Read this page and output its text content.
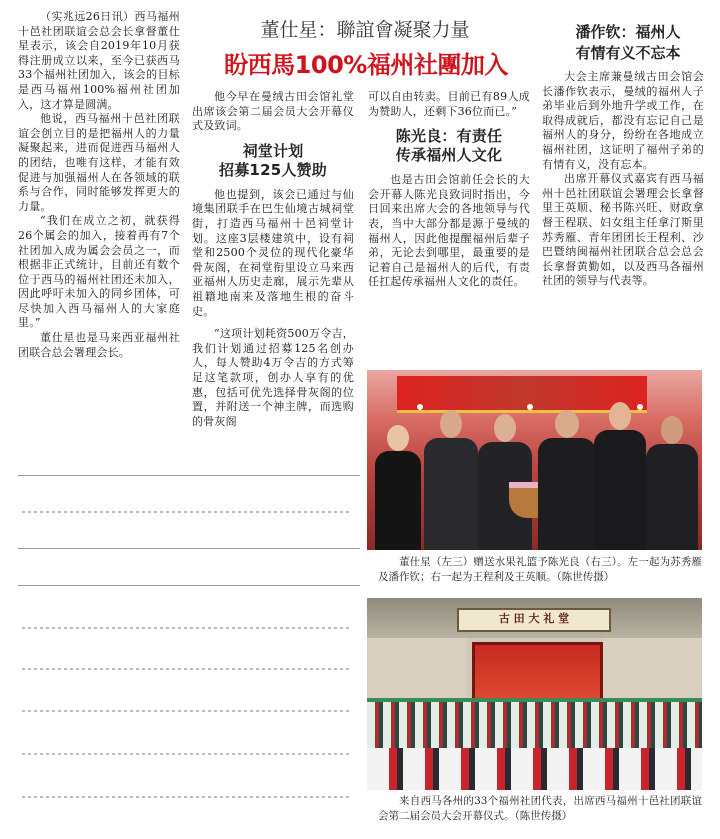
（实兆远26日讯）西马福州十邑社团联谊会总会长拿督董仕星表示，该会自2019年10月获得注册成立以来，至今已获西马33个福州社团加入，该会的目标是西马福州100%福州社团加入，这才算是圆满。

他说，西马福州十邑社团联谊会创立目的是把福州人的力量凝聚起来，进而促进西马福州人的团结，也唯有这样，才能有效促进与加强福州人在各领域的联系与合作，同时能够发挥更大的力量。

“我们在成立之初，就获得26个属会的加入，接着再有7个社团加入成为属会会员之一，而根据非正式统计，目前还有数个位于西马的福州社团还未加入，因此呼吁未加入的同乡团体，可尽快加入西马福州人的大家庭里。”

董仕星也是马来西亚福州社团联合总会署理会长。

董仕星：聯誼會凝聚力量
盼西馬100%福州社團加入
潘作钦：福州人
有情有义不忘本

他今早在曼绒古田会馆礼堂出席该会第二届会员大会开幕仪式及致词。

祠堂计划
招募125人赞助

他也提到，该会已通过与仙境集团联手在巴生仙境古城祠堂街，打造西马福州十邑祠堂计划。这座3层楼建筑中，设有祠堂和2500个灵位的现代化豪华骨灰阁，在祠堂衔里设立马来西亚福州人历史走廊，展示先辈从祖籍地南来及落地生根的奋斗史。

“这项计划耗资500万令吉，我们计划通过招募125名创办人，每人赞助4万令吉的方式筹足这笔款项，创办人享有的优惠，包括可优先选择骨灰阁的位置，并附送一个神主牌，而选购的骨灰阁

可以自由转卖。目前已有89人成为赞助人，还剩下36位而已。”

陈光良：有责任
传承福州人文化

也是古田会馆前任会长的大会开幕人陈光良致词时指出，今日回来出席大会的各地领导与代表，当中大部分都是源于曼绒的福州人，因此他提醒福州后辈子弟，无论去到哪里，最重要的是记着自己是福州人的后代，有责任扛起传承福州人文化的责任。

大会主席兼曼绒古田会馆会长潘作钦表示，曼绒的福州人子弟毕业后到外地升学或工作，在取得成就后，都没有忘记自己是福州人的身分，纷纷在各地成立福州社团，这证明了福州子弟的有情有义，没有忘本。

出席开幕仪式嘉宾有西马福州十邑社团联谊会署理会长拿督里王英顺、秘书陈兴旺、财政拿督王程联、妇女组主任拿汀斯里苏秀雁、青年团团长王程利、沙巴暨纳闽福州社团联合总会总会长拿督黄勤如，以及西马各福州社团的领导与代表等。

董仕星（左三）赠送水果礼篮予陈光良（右三）。左一起为苏秀雁及潘作钦；右一起为王程利及王英顺。（陈世传摄）
古 田 大 礼 堂
来自西马各州的33个福州社团代表，出席西马福州十邑社团联谊会第二届会员大会开幕仪式。（陈世传摄）
